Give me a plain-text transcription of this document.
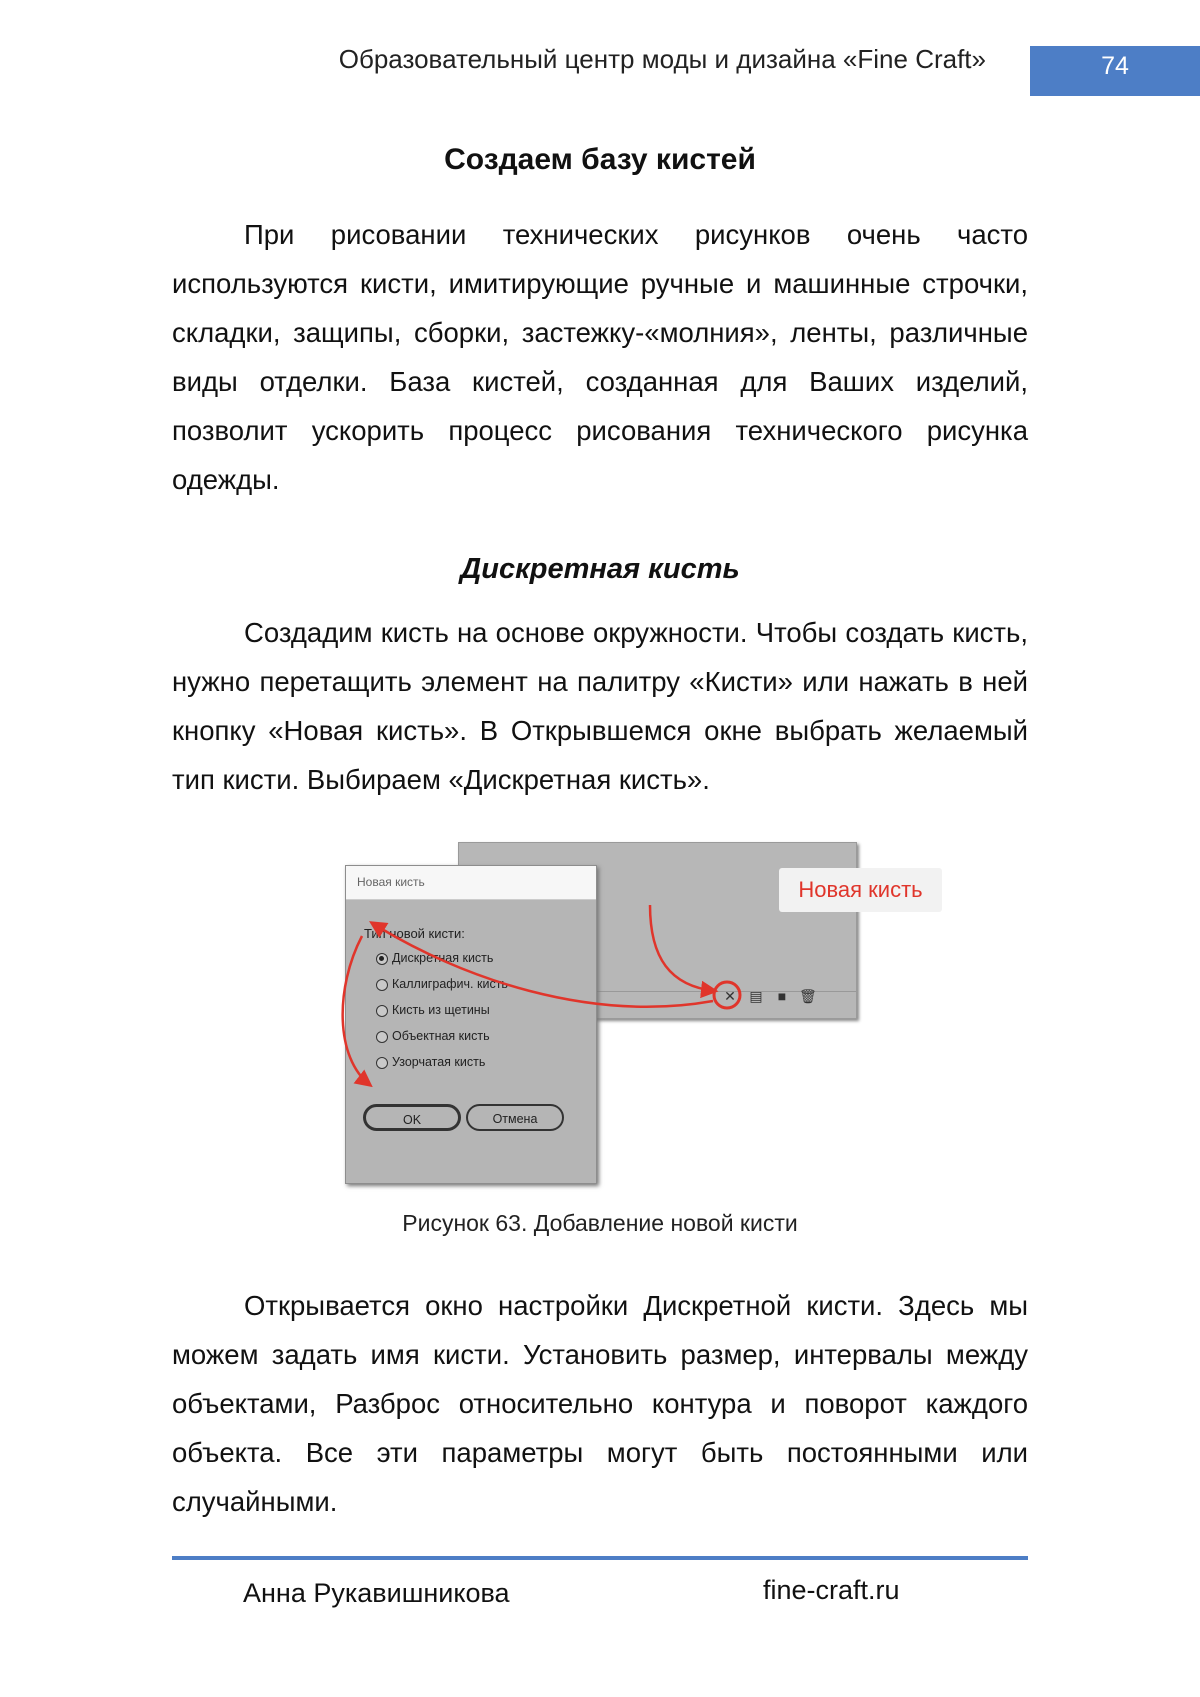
Образовательный центр моды и дизайна «Fine Craft»	74
Создаем базу кистей

При рисовании технических рисунков очень часто используются кисти, имитирующие ручные и машинные строчки, складки, защипы, сборки, застежку-«молния», ленты, различные виды отделки. База кистей, созданная для Ваших изделий, позволит ускорить процесс рисования технического рисунка одежды.

Дискретная кисть

Создадим кисть на основе окружности. Чтобы создать кисть, нужно перетащить элемент на палитру «Кисти» или нажать в ней кнопку «Новая кисть». В Открывшемся окне выбрать желаемый тип кисти. Выбираем «Дискретная кисть».

Новая кисть
✕ ▤ ■ 🗑
Новая кисть
Тип новой кисти:
Дискретная кисть
Каллиграфич. кисть
Кисть из щетины
Объектная кисть
Узорчатая кисть
OK	Отмена
Рисунок 63. Добавление новой кисти

Открывается окно настройки Дискретной кисти. Здесь мы можем задать имя кисти. Установить размер, интервалы между объектами, Разброс относительно контура и поворот каждого объекта. Все эти параметры могут быть постоянными или случайными.

Анна Рукавишникова	fine-craft.ru
